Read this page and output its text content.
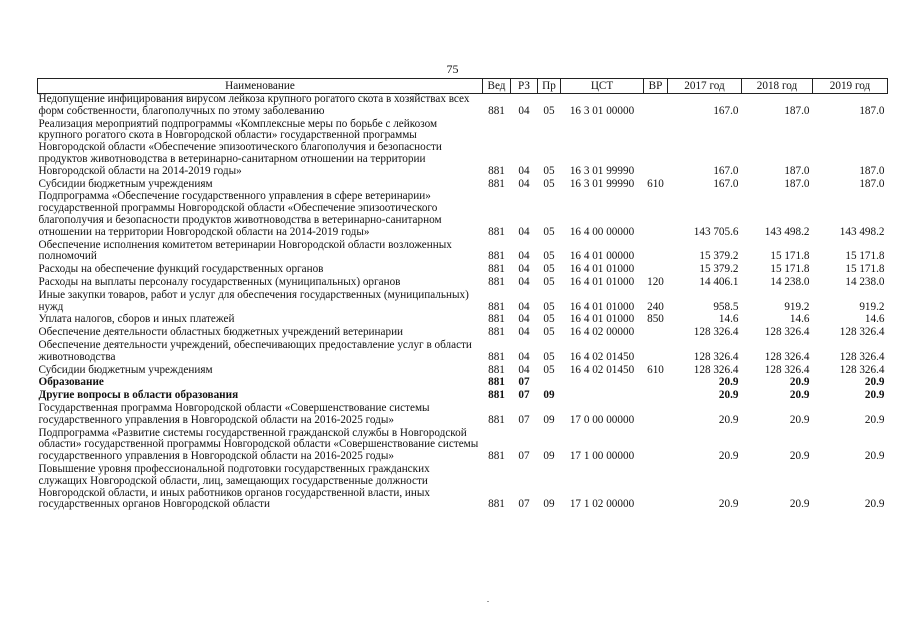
75
Наименование	Вед	РЗ	Пр	ЦСТ	ВР	2017 год	2018 год	2019 год
Недопущение инфицирования вирусом лейкоза крупного рогатого скота в хозяйствах всех форм собственности, благополучных по этому заболеванию	881	04	05	16 3 01 00000		167.0	187.0	187.0
Реализация мероприятий подпрограммы «Комплексные меры по борьбе с лейкозом крупного рогатого скота в Новгородской области» государственной программы Новгородской области «Обеспечение эпизоотического благополучия и безопасности продуктов животноводства в ветеринарно-санитарном отношении на территории Новгородской области на 2014-2019 годы»	881	04	05	16 3 01 99990		167.0	187.0	187.0
Субсидии бюджетным учреждениям	881	04	05	16 3 01 99990	610	167.0	187.0	187.0
Подпрограмма «Обеспечение государственного управления в сфере ветеринарии» государственной программы Новгородской области «Обеспечение эпизоотического благополучия и безопасности продуктов животноводства в ветеринарно-санитарном отношении на территории Новгородской области на 2014-2019 годы»	881	04	05	16 4 00 00000		143 705.6	143 498.2	143 498.2
Обеспечение исполнения комитетом ветеринарии Новгородской области возложенных полномочий	881	04	05	16 4 01 00000		15 379.2	15 171.8	15 171.8
Расходы на обеспечение функций государственных органов	881	04	05	16 4 01 01000		15 379.2	15 171.8	15 171.8
Расходы на выплаты персоналу государственных (муниципальных) органов	881	04	05	16 4 01 01000	120	14 406.1	14 238.0	14 238.0
Иные закупки товаров, работ и услуг для обеспечения государственных (муниципальных) нужд	881	04	05	16 4 01 01000	240	958.5	919.2	919.2
Уплата налогов, сборов и иных платежей	881	04	05	16 4 01 01000	850	14.6	14.6	14.6
Обеспечение деятельности областных бюджетных учреждений ветеринарии	881	04	05	16 4 02 00000		128 326.4	128 326.4	128 326.4
Обеспечение деятельности учреждений, обеспечивающих предоставление услуг в области животноводства	881	04	05	16 4 02 01450		128 326.4	128 326.4	128 326.4
Субсидии бюджетным учреждениям	881	04	05	16 4 02 01450	610	128 326.4	128 326.4	128 326.4
Образование	881	07				20.9	20.9	20.9
Другие вопросы в области образования	881	07	09			20.9	20.9	20.9
Государственная программа Новгородской области «Совершенствование системы государственного управления в Новгородской области на 2016-2025 годы»	881	07	09	17 0 00 00000		20.9	20.9	20.9
Подпрограмма «Развитие системы государственной гражданской службы в Новгородской области» государственной программы Новгородской области «Совершенствование системы государственного управления в Новгородской области на 2016-2025 годы»	881	07	09	17 1 00 00000		20.9	20.9	20.9
Повышение уровня профессиональной подготовки государственных гражданских служащих Новгородской области, лиц, замещающих государственные должности Новгородской области, и иных работников органов государственной власти, иных государственных органов Новгородской области	881	07	09	17 1 02 00000		20.9	20.9	20.9
